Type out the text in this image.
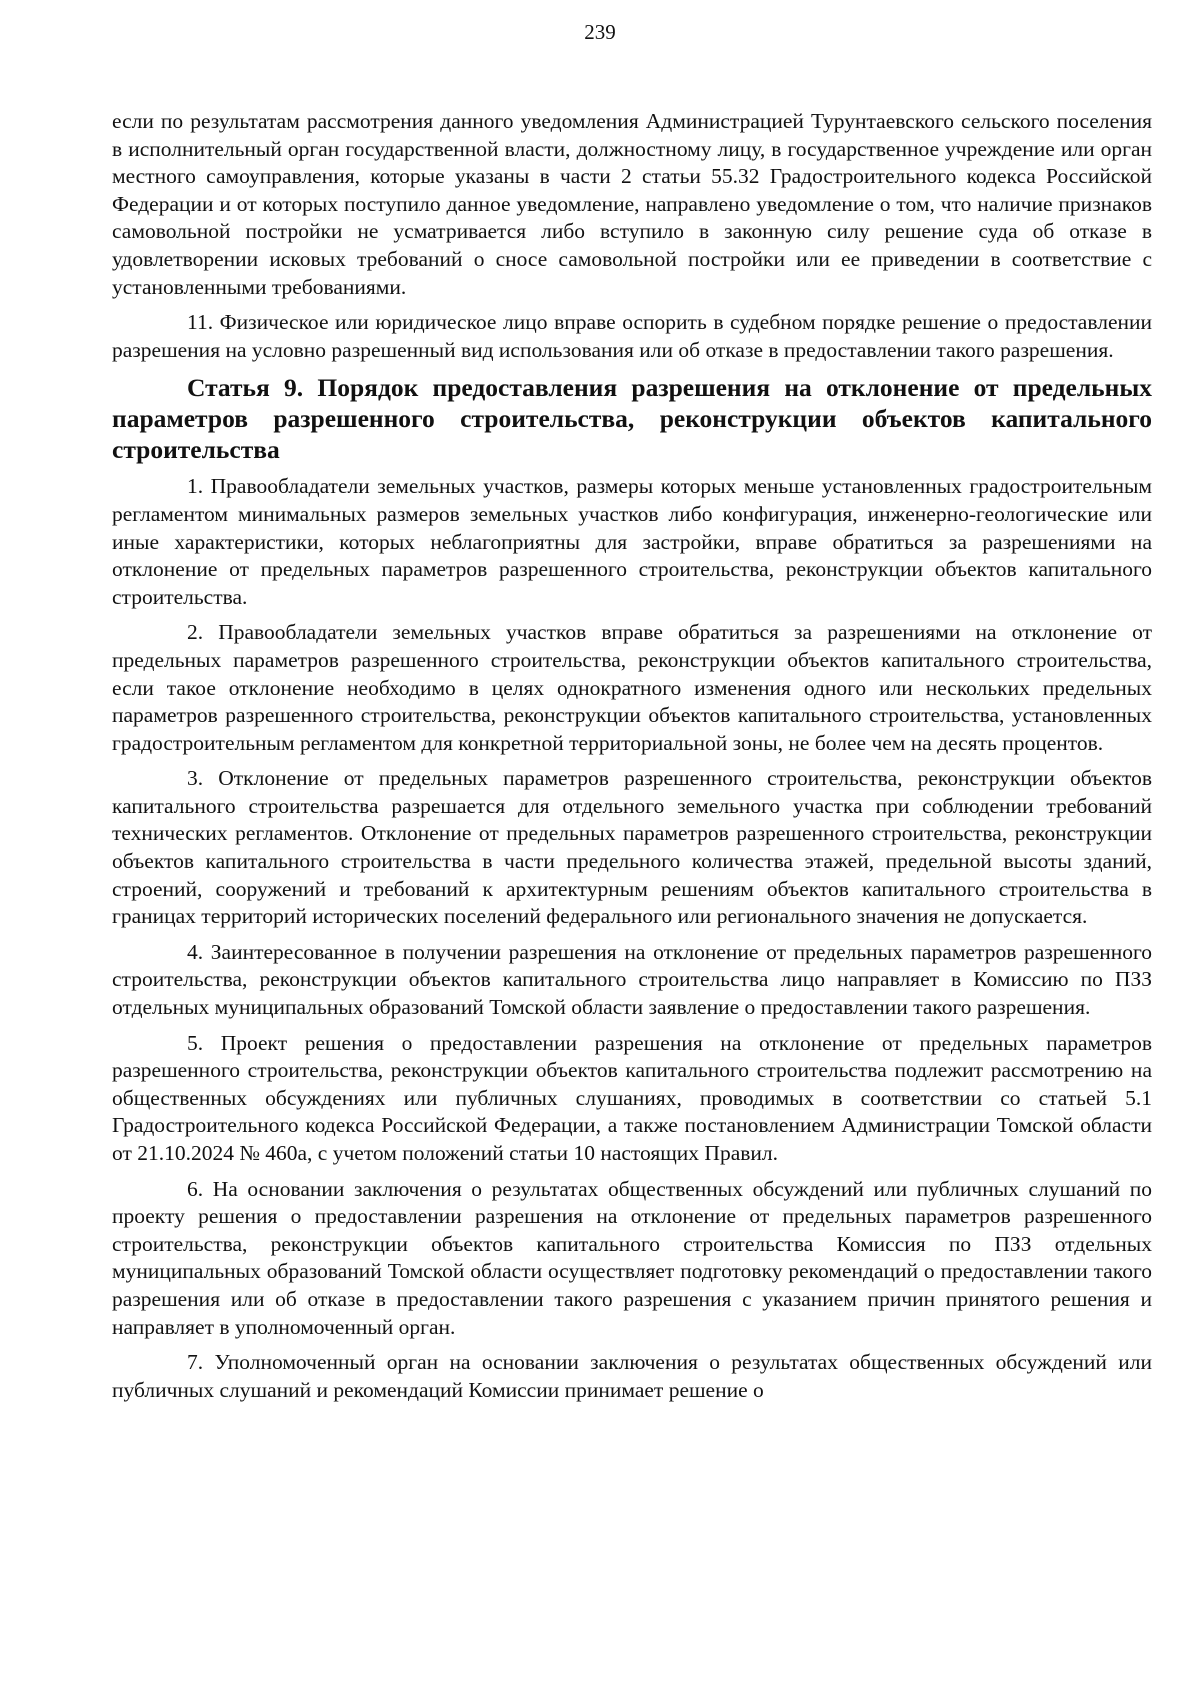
239

если по результатам рассмотрения данного уведомления Администрацией Турунтаевского сельского поселения в исполнительный орган государственной власти, должностному лицу, в государственное учреждение или орган местного самоуправления, которые указаны в части 2 статьи 55.32 Градостроительного кодекса Российской Федерации и от которых поступило данное уведомление, направлено уведомление о том, что наличие признаков самовольной постройки не усматривается либо вступило в законную силу решение суда об отказе в удовлетворении исковых требований о сносе самовольной постройки или ее приведении в соответствие с установленными требованиями.

11. Физическое или юридическое лицо вправе оспорить в судебном порядке решение о предоставлении разрешения на условно разрешенный вид использования или об отказе в предоставлении такого разрешения.

Статья 9. Порядок предоставления разрешения на отклонение от предельных параметров разрешенного строительства, реконструкции объектов капитального строительства

1. Правообладатели земельных участков, размеры которых меньше установленных градостроительным регламентом минимальных размеров земельных участков либо конфигурация, инженерно-геологические или иные характеристики, которых неблагоприятны для застройки, вправе обратиться за разрешениями на отклонение от предельных параметров разрешенного строительства, реконструкции объектов капитального строительства.

2. Правообладатели земельных участков вправе обратиться за разрешениями на отклонение от предельных параметров разрешенного строительства, реконструкции объектов капитального строительства, если такое отклонение необходимо в целях однократного изменения одного или нескольких предельных параметров разрешенного строительства, реконструкции объектов капитального строительства, установленных градостроительным регламентом для конкретной территориальной зоны, не более чем на десять процентов.

3. Отклонение от предельных параметров разрешенного строительства, реконструкции объектов капитального строительства разрешается для отдельного земельного участка при соблюдении требований технических регламентов. Отклонение от предельных параметров разрешенного строительства, реконструкции объектов капитального строительства в части предельного количества этажей, предельной высоты зданий, строений, сооружений и требований к архитектурным решениям объектов капитального строительства в границах территорий исторических поселений федерального или регионального значения не допускается.

4. Заинтересованное в получении разрешения на отклонение от предельных параметров разрешенного строительства, реконструкции объектов капитального строительства лицо направляет в Комиссию по ПЗЗ отдельных муниципальных образований Томской области заявление о предоставлении такого разрешения.

5. Проект решения о предоставлении разрешения на отклонение от предельных параметров разрешенного строительства, реконструкции объектов капитального строительства подлежит рассмотрению на общественных обсуждениях или публичных слушаниях, проводимых в соответствии со статьей 5.1 Градостроительного кодекса Российской Федерации, а также постановлением Администрации Томской области от 21.10.2024 № 460а, с учетом положений статьи 10 настоящих Правил.

6. На основании заключения о результатах общественных обсуждений или публичных слушаний по проекту решения о предоставлении разрешения на отклонение от предельных параметров разрешенного строительства, реконструкции объектов капитального строительства Комиссия по ПЗЗ отдельных муниципальных образований Томской области осуществляет подготовку рекомендаций о предоставлении такого разрешения или об отказе в предоставлении такого разрешения с указанием причин принятого решения и направляет в уполномоченный орган.

7. Уполномоченный орган на основании заключения о результатах общественных обсуждений или публичных слушаний и рекомендаций Комиссии принимает решение о
